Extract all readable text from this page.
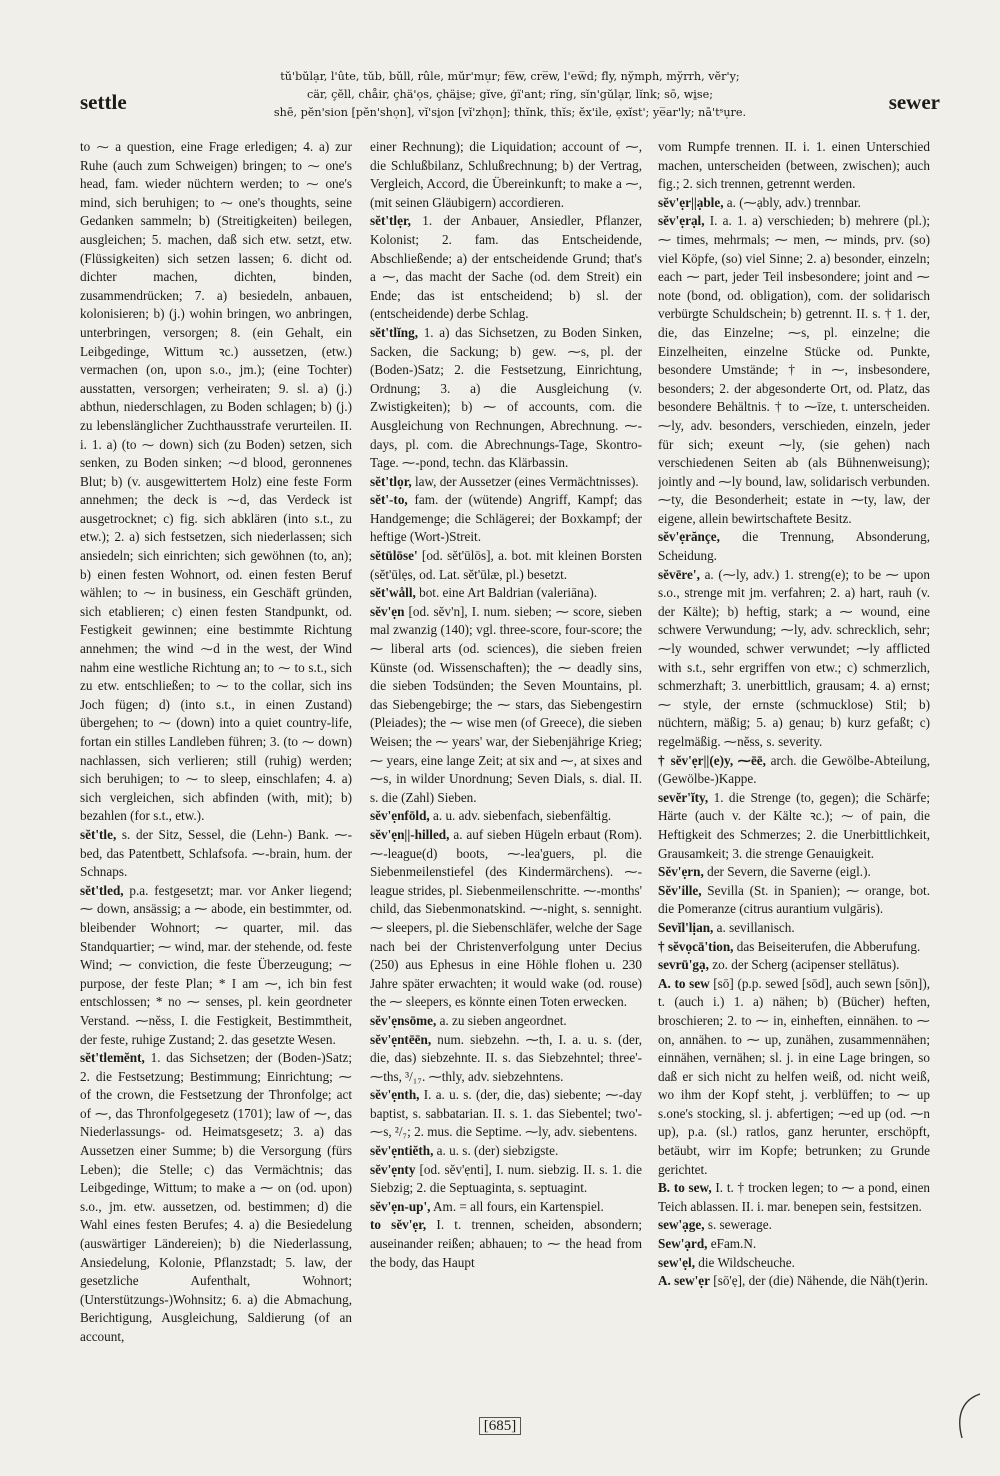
settle
tŭ'bŭlạr, l'ûte, tŭb, bŭll, rûle, mŭr'mụr; fe̅w, cre̅w, l'ew̅d; fl̄y, ny̆mph, my̆rrh, vĕr'y;
cär, çĕll, chåir, çhä'ọs, çhäi̱se; gĭve, ģï'ant; rĭng, sĭn'gŭlạr, lĭnk; sō, wi̱se;
shē, pĕn'sion [pĕn'shọn], vĭ'si̱on [vĭ'zhọn]; thĭnk, thĭs; ĕx'ile, ẹxĭst'; ye̅ar'ly; nā'tˢụre.	sewer

to ⁓ a question, eine Frage erledigen; 4. a) zur Ruhe (auch zum Schweigen) bringen; to ⁓ one's head, fam. wieder nüchtern werden; to ⁓ one's mind, sich beruhigen; to ⁓ one's thoughts, seine Gedanken sammeln; b) (Streitigkeiten) beilegen, ausgleichen; 5. machen, daß sich etw. setzt, etw. (Flüssigkeiten) sich setzen lassen; 6. dicht od. dichter machen, dichten, binden, zusammendrücken; 7. a) besiedeln, anbauen, kolonisieren; b) (j.) wohin bringen, wo anbringen, unterbringen, versorgen; 8. (ein Gehalt, ein Leibgedinge, Wittum ꝛc.) aussetzen, (etw.) vermachen (on, upon s.o., jm.); (eine Tochter) ausstatten, versorgen; verheiraten; 9. sl. a) (j.) abthun, niederschlagen, zu Boden schlagen; b) (j.) zu lebenslänglicher Zuchthausstrafe verurteilen. II. i. 1. a) (to ⁓ down) sich (zu Boden) setzen, sich senken, zu Boden sinken; ⁓d blood, geronnenes Blut; b) (v. ausgewittertem Holz) eine feste Form annehmen; the deck is ⁓d, das Verdeck ist ausgetrocknet; c) fig. sich abklären (into s.t., zu etw.); 2. a) sich festsetzen, sich niederlassen; sich ansiedeln; sich einrichten; sich gewöhnen (to, an); b) einen festen Wohnort, od. einen festen Beruf wählen; to ⁓ in business, ein Geschäft gründen, sich etablieren; c) einen festen Standpunkt, od. Festigkeit gewinnen; eine bestimmte Richtung annehmen; the wind ⁓d in the west, der Wind nahm eine westliche Richtung an; to ⁓ to s.t., sich zu etw. entschließen; to ⁓ to the collar, sich ins Joch fügen; d) (into s.t., in einen Zustand) übergehen; to ⁓ (down) into a quiet country-life, fortan ein stilles Landleben führen; 3. (to ⁓ down) nachlassen, sich verlieren; still (ruhig) werden; sich beruhigen; to ⁓ to sleep, einschlafen; 4. a) sich vergleichen, sich abfinden (with, mit); b) bezahlen (for s.t., etw.).

sĕt'tle, s. der Sitz, Sessel, die (Lehn-) Bank. ⁓-bed, das Patentbett, Schlafsofa. ⁓-brain, hum. der Schnaps.

sĕt'tled, p.a. festgesetzt; mar. vor Anker liegend; ⁓ down, ansässig; a ⁓ abode, ein bestimmter, od. bleibender Wohnort; ⁓ quarter, mil. das Standquartier; ⁓ wind, mar. der stehende, od. feste Wind; ⁓ conviction, die feste Überzeugung; ⁓ purpose, der feste Plan; * I am ⁓, ich bin fest entschlossen; * no ⁓ senses, pl. kein geordneter Verstand. ⁓nĕss, I. die Festigkeit, Bestimmtheit, der feste, ruhige Zustand; 2. das gesetzte Wesen.

sĕt'tlemĕnt, 1. das Sichsetzen; der (Boden-)Satz; 2. die Festsetzung; Bestimmung; Einrichtung; ⁓ of the crown, die Festsetzung der Thronfolge; act of ⁓, das Thronfolgegesetz (1701); law of ⁓, das Niederlassungs- od. Heimatsgesetz; 3. a) das Aussetzen einer Summe; b) die Versorgung (fürs Leben); die Stelle; c) das Vermächtnis; das Leibgedinge, Wittum; to make a ⁓ on (od. upon) s.o., jm. etw. aussetzen, od. bestimmen; d) die Wahl eines festen Berufes; 4. a) die Besiedelung (auswärtiger Ländereien); b) die Niederlassung, Ansiedelung, Kolonie, Pflanzstadt; 5. law, der gesetzliche Aufenthalt, Wohnort; (Unterstützungs-)Wohnsitz; 6. a) die Abmachung, Berichtigung, Ausgleichung, Saldierung (of an account,

einer Rechnung); die Liquidation; account of ⁓, die Schlußbilanz, Schlußrechnung; b) der Vertrag, Vergleich, Accord, die Übereinkunft; to make a ⁓, (mit seinen Gläubigern) accordieren.

sĕt'tlẹr, 1. der Anbauer, Ansiedler, Pflanzer, Kolonist; 2. fam. das Entscheidende, Abschließende; a) der entscheidende Grund; that's a ⁓, das macht der Sache (od. dem Streit) ein Ende; das ist entscheidend; b) sl. der (entscheidende) derbe Schlag.

sĕt'tlĭng, 1. a) das Sichsetzen, zu Boden Sinken, Sacken, die Sackung; b) gew. ⁓s, pl. der (Boden-)Satz; 2. die Festsetzung, Einrichtung, Ordnung; 3. a) die Ausgleichung (v. Zwistigkeiten); b) ⁓ of accounts, com. die Ausgleichung von Rechnungen, Abrechnung. ⁓-days, pl. com. die Abrechnungs-Tage, Skontro-Tage. ⁓-pond, techn. das Klärbassin.

sĕt'tlọr, law, der Aussetzer (eines Vermächtnisses).

sĕt'-to, fam. der (wütende) Angriff, Kampf; das Handgemenge; die Schlägerei; der Boxkampf; der heftige (Wort-)Streit.

sĕtūlōse' [od. sĕt'ūlōs], a. bot. mit kleinen Borsten (sĕt'ūlẹs, od. Lat. sĕt'ūlæ, pl.) besetzt.

sĕt'wåll, bot. eine Art Baldrian (valeriāna).

sĕv'ẹn [od. sĕv'n], I. num. sieben; ⁓ score, sieben mal zwanzig (140); vgl. three-score, four-score; the ⁓ liberal arts (od. sciences), die sieben freien Künste (od. Wissenschaften); the ⁓ deadly sins, die sieben Todsünden; the Seven Mountains, pl. das Siebengebirge; the ⁓ stars, das Siebengestirn (Pleiades); the ⁓ wise men (of Greece), die sieben Weisen; the ⁓ years' war, der Siebenjährige Krieg; ⁓ years, eine lange Zeit; at six and ⁓, at sixes and ⁓s, in wilder Unordnung; Seven Dials, s. dial. II. s. die (Zahl) Sieben.

sĕv'ẹnfōld, a. u. adv. siebenfach, siebenfältig.

sĕv'ẹn||-hilled, a. auf sieben Hügeln erbaut (Rom). ⁓-league(d) boots, ⁓-lea'guers, pl. die Siebenmeilenstiefel (des Kindermärchens). ⁓-league strides, pl. Siebenmeilenschritte. ⁓-months' child, das Siebenmonatskind. ⁓-night, s. sennight. ⁓ sleepers, pl. die Siebenschläfer, welche der Sage nach bei der Christenverfolgung unter Decius (250) aus Ephesus in eine Höhle flohen u. 230 Jahre später erwachten; it would wake (od. rouse) the ⁓ sleepers, es könnte einen Toten erwecken.

sĕv'ẹnsōme, a. zu sieben angeordnet.

sĕv'ẹntēēn, num. siebzehn. ⁓th, I. a. u. s. (der, die, das) siebzehnte. II. s. das Siebzehntel; three'-⁓ths, ³/₁₇. ⁓thly, adv. siebzehntens.

sĕv'ẹnth, I. a. u. s. (der, die, das) siebente; ⁓-day baptist, s. sabbatarian. II. s. 1. das Siebentel; two'-⁓s, ²/₇; 2. mus. die Septime. ⁓ly, adv. siebentens.

sĕv'ẹntiĕth, a. u. s. (der) siebzigste.

sĕv'ẹnty [od. sĕv'ẹnti], I. num. siebzig. II. s. 1. die Siebzig; 2. die Septuaginta, s. septuagint.

sĕv'ẹn-up', Am. = all fours, ein Kartenspiel.

to sĕv'ẹr, I. t. trennen, scheiden, absondern; auseinander reißen; abhauen; to ⁓ the head from the body, das Haupt

vom Rumpfe trennen. II. i. 1. einen Unterschied machen, unterscheiden (between, zwischen); auch fig.; 2. sich trennen, getrennt werden.

sĕv'ẹr||ạble, a. (⁓ạbly, adv.) trennbar.

sĕv'ẹrạl, I. a. 1. a) verschieden; b) mehrere (pl.); ⁓ times, mehrmals; ⁓ men, ⁓ minds, prv. (so) viel Köpfe, (so) viel Sinne; 2. a) besonder, einzeln; each ⁓ part, jeder Teil insbesondere; joint and ⁓ note (bond, od. obligation), com. der solidarisch verbürgte Schuldschein; b) getrennt. II. s. † 1. der, die, das Einzelne; ⁓s, pl. einzelne; die Einzelheiten, einzelne Stücke od. Punkte, besondere Umstände; † in ⁓, insbesondere, besonders; 2. der abgesonderte Ort, od. Platz, das besondere Behältnis. † to ⁓īze, t. unterscheiden. ⁓ly, adv. besonders, verschieden, einzeln, jeder für sich; exeunt ⁓ly, (sie gehen) nach verschiedenen Seiten ab (als Bühnenweisung); jointly and ⁓ly bound, law, solidarisch verbunden. ⁓ty, die Besonderheit; estate in ⁓ty, law, der eigene, allein bewirtschaftete Besitz.

sĕv'ẹrănçe, die Trennung, Absonderung, Scheidung.

sĕvēre', a. (⁓ly, adv.) 1. streng(e); to be ⁓ upon s.o., strenge mit jm. verfahren; 2. a) hart, rauh (v. der Kälte); b) heftig, stark; a ⁓ wound, eine schwere Verwundung; ⁓ly, adv. schrecklich, sehr; ⁓ly wounded, schwer verwundet; ⁓ly afflicted with s.t., sehr ergriffen von etw.; c) schmerzlich, schmerzhaft; 3. unerbittlich, grausam; 4. a) ernst; ⁓ style, der ernste (schmucklose) Stil; b) nüchtern, mäßig; 5. a) genau; b) kurz gefaßt; c) regelmäßig. ⁓nĕss, s. severity.

† sĕv'ẹr||(e)y, ⁓ēē, arch. die Gewölbe-Abteilung, (Gewölbe-)Kappe.

sevĕr'ĭty, 1. die Strenge (to, gegen); die Schärfe; Härte (auch v. der Kälte ꝛc.); ⁓ of pain, die Heftigkeit des Schmerzes; 2. die Unerbittlichkeit, Grausamkeit; 3. die strenge Genauigkeit.

Sĕv'ẹrn, der Severn, die Saverne (eigl.).

Sĕv'ille, Sevilla (St. in Spanien); ⁓ orange, bot. die Pomeranze (citrus aurantium vulgāris).

Sevĭl'lịan, a. sevillanisch.

† sĕvọcā'tion, das Beiseiterufen, die Abberufung.

sevrū'gạ, zo. der Scherg (acipenser stellātus).

A. to sew [sō] (p.p. sewed [sōd], auch sewn [sōn]), t. (auch i.) 1. a) nähen; b) (Bücher) heften, broschieren; 2. to ⁓ in, einheften, einnähen. to ⁓ on, annähen. to ⁓ up, zunähen, zusammennähen; einnähen, vernähen; sl. j. in eine Lage bringen, so daß er sich nicht zu helfen weiß, od. nicht weiß, wo ihm der Kopf steht, j. verblüffen; to ⁓ up s.one's stocking, sl. j. abfertigen; ⁓ed up (od. ⁓n up), p.a. (sl.) ratlos, ganz herunter, erschöpft, betäubt, wirr im Kopfe; betrunken; zu Grunde gerichtet.

B. to sew, I. t. † trocken legen; to ⁓ a pond, einen Teich ablassen. II. i. mar. benepen sein, festsitzen.

sew'ạge, s. sewerage.

Sew'ạrd, eFam.N.

sew'ẹl, die Wildscheuche.

A. sew'ẹr [sō'ẹ], der (die) Nähende, die Näh(t)erin.

[685]
